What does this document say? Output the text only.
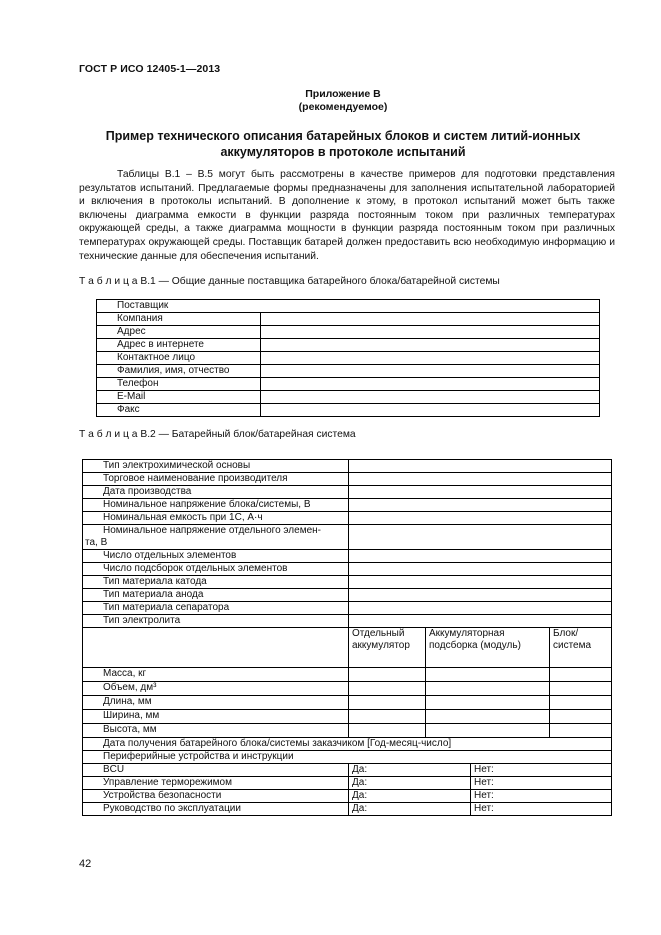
ГОСТ Р ИСО 12405-1—2013
Приложение В
(рекомендуемое)
Пример технического описания батарейных блоков и систем литий-ионных
аккумуляторов в протоколе испытаний

Таблицы В.1 – В.5 могут быть рассмотрены в качестве примеров для подготовки представления результатов испытаний. Предлагаемые формы предназначены для заполнения испытательной лабораторией и включения в протоколы испытаний. В дополнение к этому, в протокол испытаний может быть также включены диаграмма емкости в функции разряда постоянным током при различных температурах окружающей среды, а также диаграмма мощности в функции разряда постоянным током при различных температурах окружающей среды. Поставщик батарей должен предоставить всю необходимую информацию и технические данные для обеспечения испытаний.

Т а б л и ц а В.1 — Общие данные поставщика батарейного блока/батарейной системы
Поставщик	
Компания	
Адрес	
Адрес в интернете	
Контактное лицо	
Фамилия, имя, отчество	
Телефон	
E-Mail	
Факс	
Т а б л и ц а В.2 — Батарейный блок/батарейная система
Тип электрохимической основы				
Торговое наименование производителя				
Дата производства				
Номинальное напряжение блока/системы, В				
Номинальная емкость при 1С, А·ч				

Номинальное напряжение отдельного элемен-
та, В				

Число отдельных элементов				
Число подсборок отдельных элементов				
Тип материала катода				
Тип материала анода				
Тип материала сепаратора				
Тип электролита				
	Отдельный аккумулятор	Аккумуляторная подсборка (модуль)		Блок/система
Масса, кг				
Объем, дм³				
Длина, мм				
Ширина, мм				
Высота, мм				
Дата получения батарейного блока/системы заказчиком [Год-месяц-число]				
Периферийные устройства и инструкции				
BCU	Да:		Нет:	
Управление терморежимом	Да:		Нет:	
Устройства безопасности	Да:		Нет:	
Руководство по эксплуатации	Да:		Нет:	
42
